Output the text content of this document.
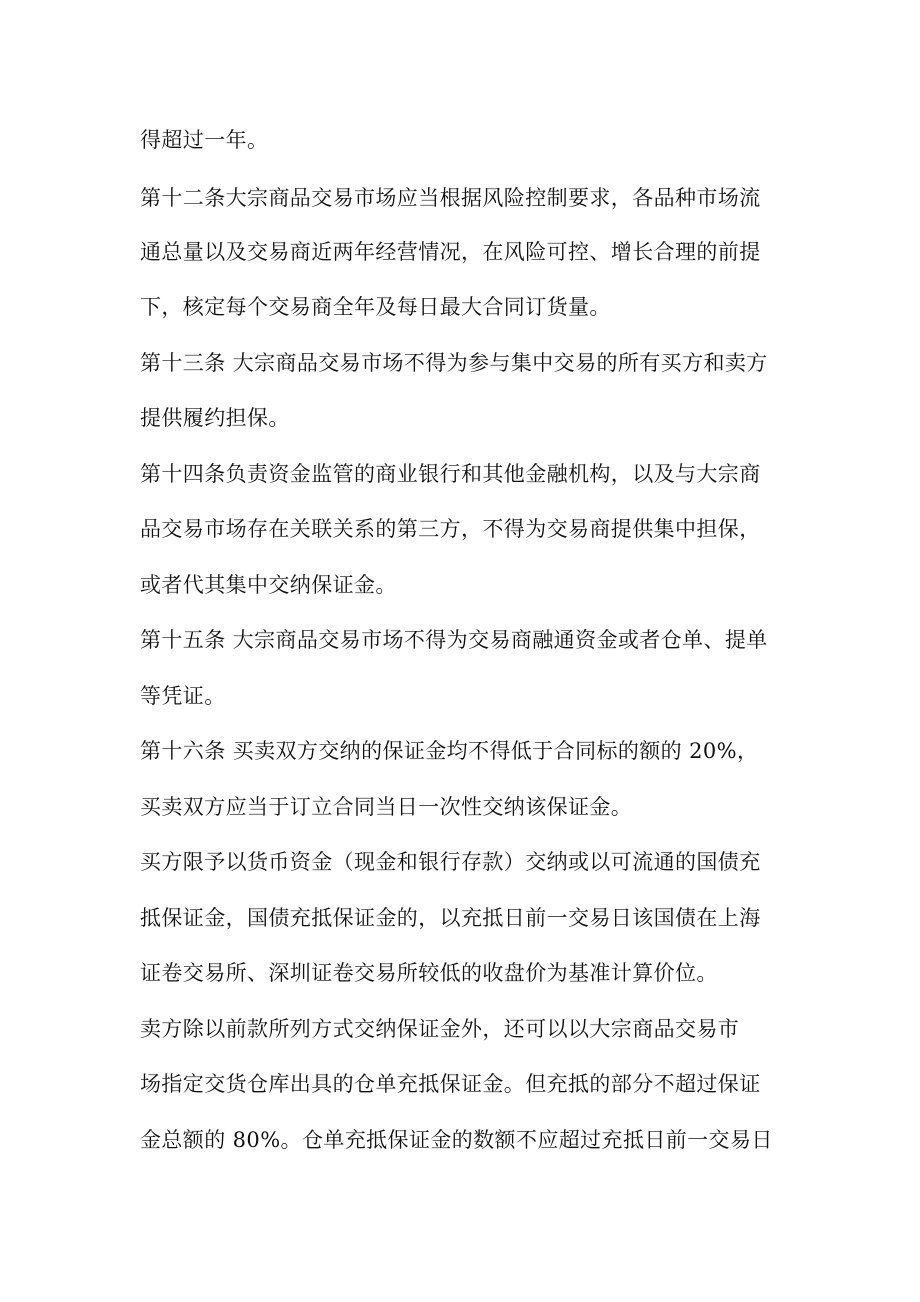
得超过一年。
第十二条大宗商品交易市场应当根据风险控制要求，各品种市场流
通总量以及交易商近两年经营情况，在风险可控、增长合理的前提
下，核定每个交易商全年及每日最大合同订货量。
第十三条 大宗商品交易市场不得为参与集中交易的所有买方和卖方
提供履约担保。
第十四条负责资金监管的商业银行和其他金融机构，以及与大宗商
品交易市场存在关联关系的第三方，不得为交易商提供集中担保，
或者代其集中交纳保证金。
第十五条 大宗商品交易市场不得为交易商融通资金或者仓单、提单
等凭证。
第十六条 买卖双方交纳的保证金均不得低于合同标的额的 20%，
买卖双方应当于订立合同当日一次性交纳该保证金。
买方限予以货币资金（现金和银行存款）交纳或以可流通的国债充
抵保证金，国债充抵保证金的，以充抵日前一交易日该国债在上海
证卷交易所、深圳证卷交易所较低的收盘价为基准计算价位。
卖方除以前款所列方式交纳保证金外，还可以以大宗商品交易市
场指定交货仓库出具的仓单充抵保证金。但充抵的部分不超过保证
金总额的 80%。仓单充抵保证金的数额不应超过充抵日前一交易日
